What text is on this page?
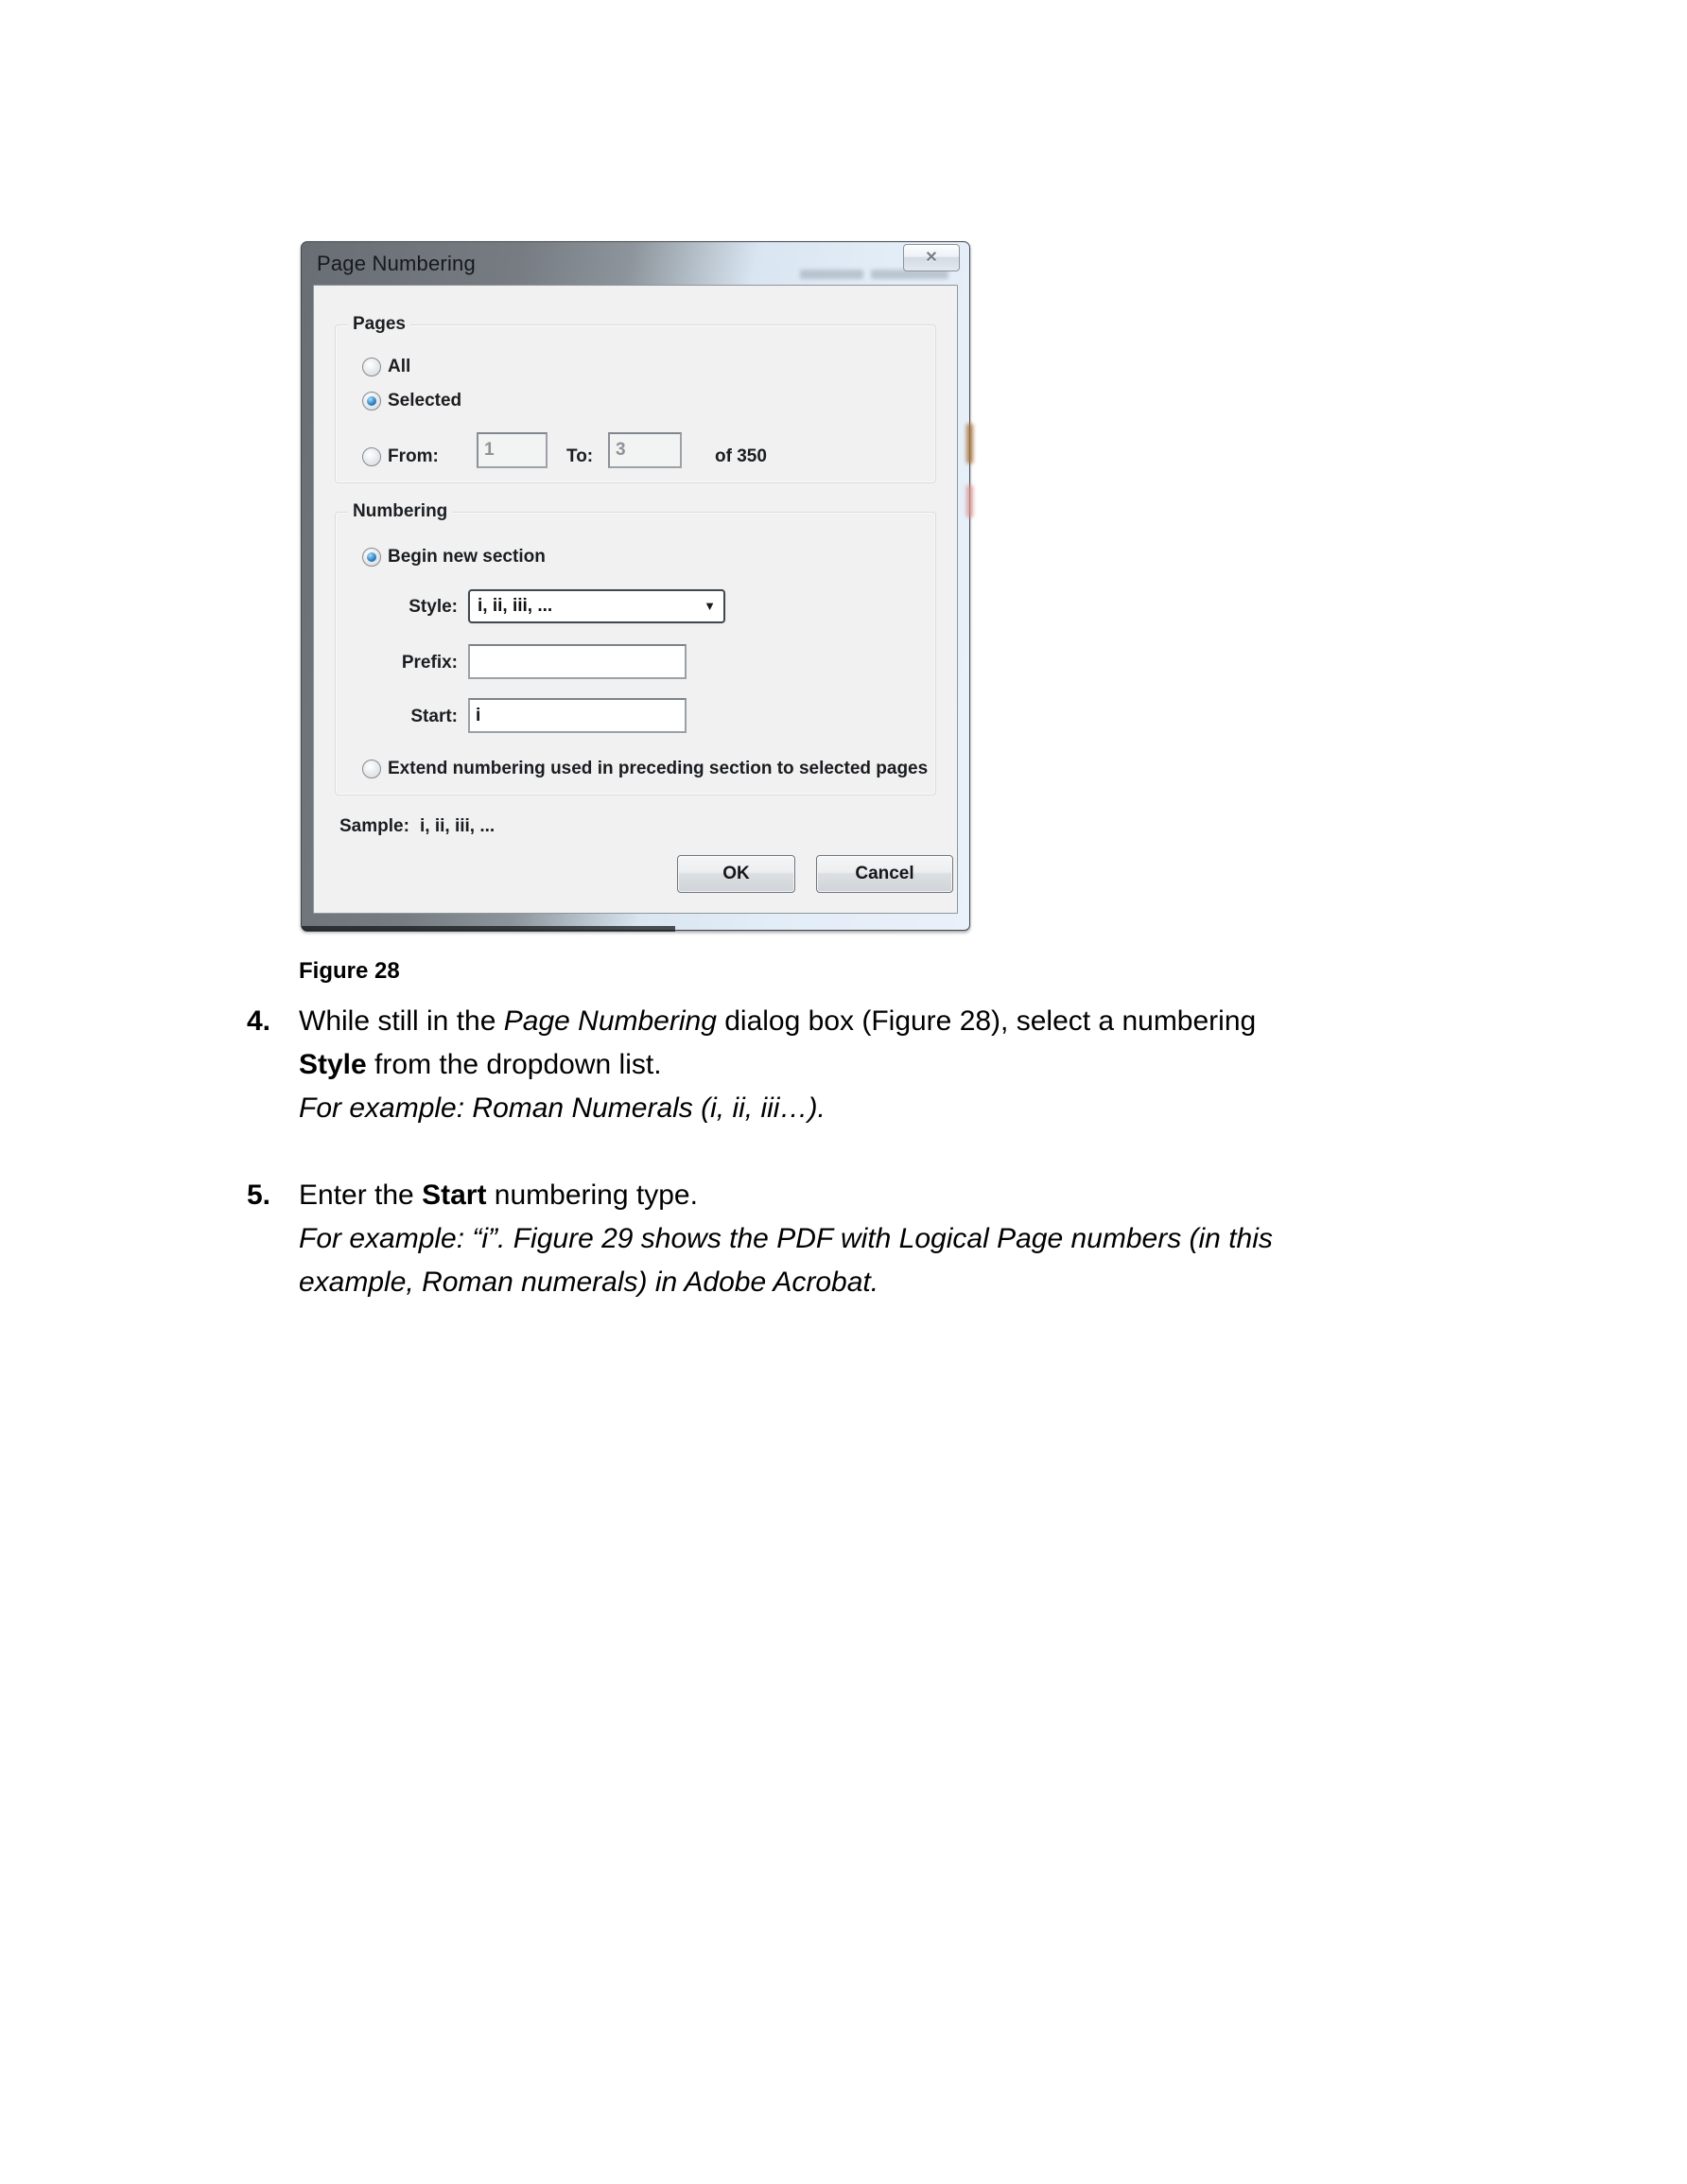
Page Numbering	✕
Pages
All
Selected
From:	1	To:	3	of 350
Numbering
Begin new section
Style:	i, ii, iii, ...	▼
Prefix:
Start:	i
Extend numbering used in preceding section to selected pages
Sample: i, ii, iii, ...
OK	Cancel
Figure 28
4. While still in the Page Numbering dialog box (Figure 28), select a numbering
Style from the dropdown list.
For example: Roman Numerals (i, ii, iii…).
5. Enter the Start numbering type.
For example: “i”. Figure 29 shows the PDF with Logical Page numbers (in this
example, Roman numerals) in Adobe Acrobat.
